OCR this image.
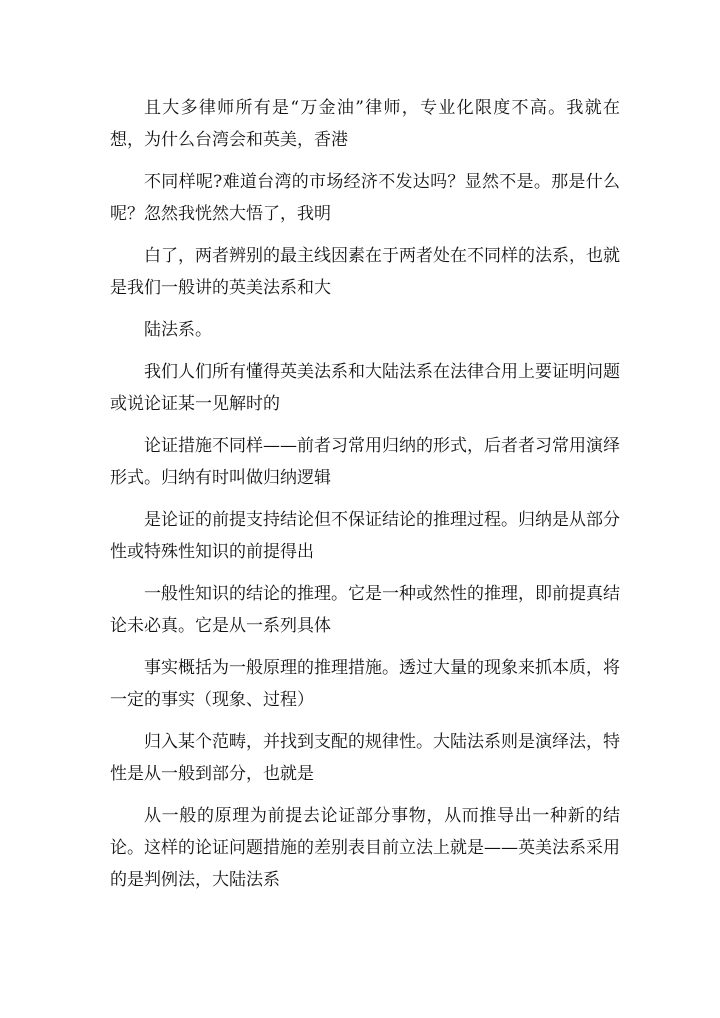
且大多律师所有是“万金油”律师，专业化限度不高。我就在想，为什么台湾会和英美，香港

不同样呢?难道台湾的市场经济不发达吗？显然不是。那是什么呢？忽然我恍然大悟了，我明

白了，两者辨别的最主线因素在于两者处在不同样的法系，也就是我们一般讲的英美法系和大

陆法系。

我们人们所有懂得英美法系和大陆法系在法律合用上要证明问题或说论证某一见解时的

论证措施不同样——前者习常用归纳的形式，后者者习常用演绎形式。归纳有时叫做归纳逻辑

是论证的前提支持结论但不保证结论的推理过程。归纳是从部分性或特殊性知识的前提得出

一般性知识的结论的推理。它是一种或然性的推理，即前提真结论未必真。它是从一系列具体

事实概括为一般原理的推理措施。透过大量的现象来抓本质，将一定的事实（现象、过程）

归入某个范畴，并找到支配的规律性。大陆法系则是演绎法，特性是从一般到部分，也就是

从一般的原理为前提去论证部分事物，从而推导出一种新的结论。这样的论证问题措施的差别表目前立法上就是——英美法系采用的是判例法，大陆法系
